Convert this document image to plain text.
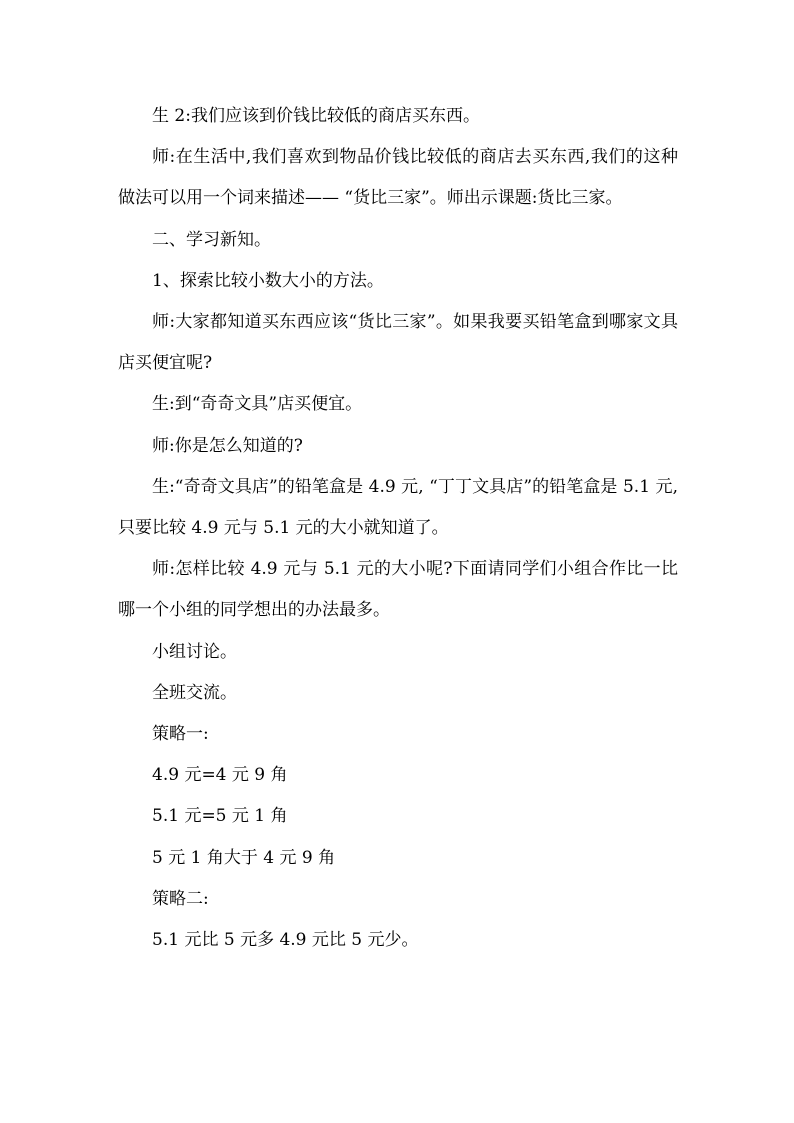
生 2:我们应该到价钱比较低的商店买东西。

师:在生活中,我们喜欢到物品价钱比较低的商店去买东西,我们的这种做法可以用一个词来描述—— “货比三家”。师出示课题:货比三家。

二、学习新知。

1、探索比较小数大小的方法。

师:大家都知道买东西应该“货比三家”。如果我要买铅笔盒到哪家文具店买便宜呢?

生:到“奇奇文具”店买便宜。

师:你是怎么知道的?

生:“奇奇文具店”的铅笔盒是 4.9 元, “丁丁文具店”的铅笔盒是 5.1 元,只要比较 4.9 元与 5.1 元的大小就知道了。

师:怎样比较 4.9 元与 5.1 元的大小呢?下面请同学们小组合作比一比哪一个小组的同学想出的办法最多。

小组讨论。

全班交流。

策略一:

4.9 元=4 元 9 角

5.1 元=5 元 1 角

5 元 1 角大于 4 元 9 角

策略二:

5.1 元比 5 元多 4.9 元比 5 元少。
